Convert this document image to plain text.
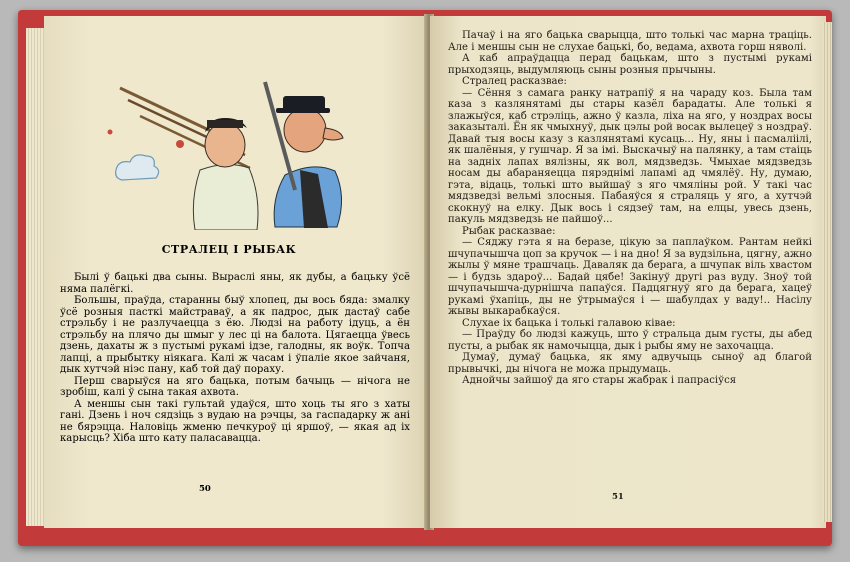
СТРАЛЕЦ І РЫБАК

Былі ў бацькі два сыны. Выраслі яны, як дубы, а бацьку ўсё няма палёгкі.

Большы, праўда, старанны быў хлопец, ды вось бяда: змалку ўсё розныя пасткі майстраваў, а як падрос, дык дастаў сабе стрэльбу і не разлучаецца з ёю. Людзі на работу ідуць, а ён стрэльбу на плячо ды шмыг у лес ці на балота. Цягаецца ўвесь дзень, дахаты ж з пустымі рукамі ідзе, галодны, як воўк. Топча лапці, а прыбытку ніякага. Калі ж часам і ўпаліе якое зайчаня, дык хутчэй ніэс пану, каб той даў пораху.

Перш сварыўся на яго бацька, потым бачыць — нічога не зробіш, калі ў сына такая ахвота.

А меншы сын такі гультай удаўся, што хоць ты яго з хаты гані. Дзень і ноч сядзіць з вудаю на рэчцы, за гаспадарку ж ані не бярэцца. Наловіць жменю печкуроў ці яршоў, — якая ад іх карысць? Хіба што кату паласавацца.

50

Пачаў і на яго бацька сварыцца, што толькі час марна траціць. Але і меншы сын не слухае бацькі, бо, ведама, ахвота горш няволі.

А каб апраўдацца перад бацькам, што з пустымі рукамі прыходзяць, выдумляюць сыны розныя прычыны.

Стралец расказвае:

— Сёння з самага ранку натрапіў я на чараду коз. Была там каза з казлянятамі ды стары казёл барадаты. Але толькі я злажыўся, каб стрэліць, ажно ў казла, ліха на яго, у ноздрах восы заказыталі. Ён як чмыхнуў, дык цэлы рой восак вылецеў з ноздраў. Давай тыя восы казу з казлянятамі кусаць... Ну, яны і пасмаліілі, як шалёныя, у гушчар. Я за імі. Выскачыў на палянку, а там стаіць на задніх лапах вялізны, як вол, мядзведзь. Чмыхае мядзведзь носам ды абараняецца пярэднімі лапамі ад чмялёў. Ну, думаю, гэта, відаць, толькі што выйшаў з яго чмяліны рой. У такі час мядзведзі вельмі злосныя. Пабаяўся я страляць у яго, а хутчэй скокнуў на елку. Дык вось і сядзеў там, на елцы, увесь дзень, пакуль мядзведзь не пайшоў...

Рыбак расказвае:

— Сяджу гэта я на беразе, цікую за паплаўком. Рантам нейкі шчупачышча цоп за кручок — і на дно! Я за вудзільна, цягну, ажно жылы ў мяне трашчаць. Даваляк да берага, а шчупак віль хвастом — і будзь здароў... Бадай цябе! Закінуў другі раз вуду. Зноў той шчупачышча-дурнішча папаўся. Падцягнуў яго да берага, хацеў рукамі ўхапіць, ды не ўтрымаўся і — шабулдах у ваду!.. Насілу жывы выкарабкаўся.

Слухае іх бацька і толькі галавою ківае:

— Праўду бо людзі кажуць, што ў стральца дым густы, ды абед пусты, а рыбак як намочыцца, дык і рыбы яму не захочацца.

Думаў, думаў бацька, як яму адвучыць сыноў ад благой прывычкі, ды нічога не можа прыдумаць.

Аднойчы зайшоў да яго стары жабрак і папрасіўся

51
